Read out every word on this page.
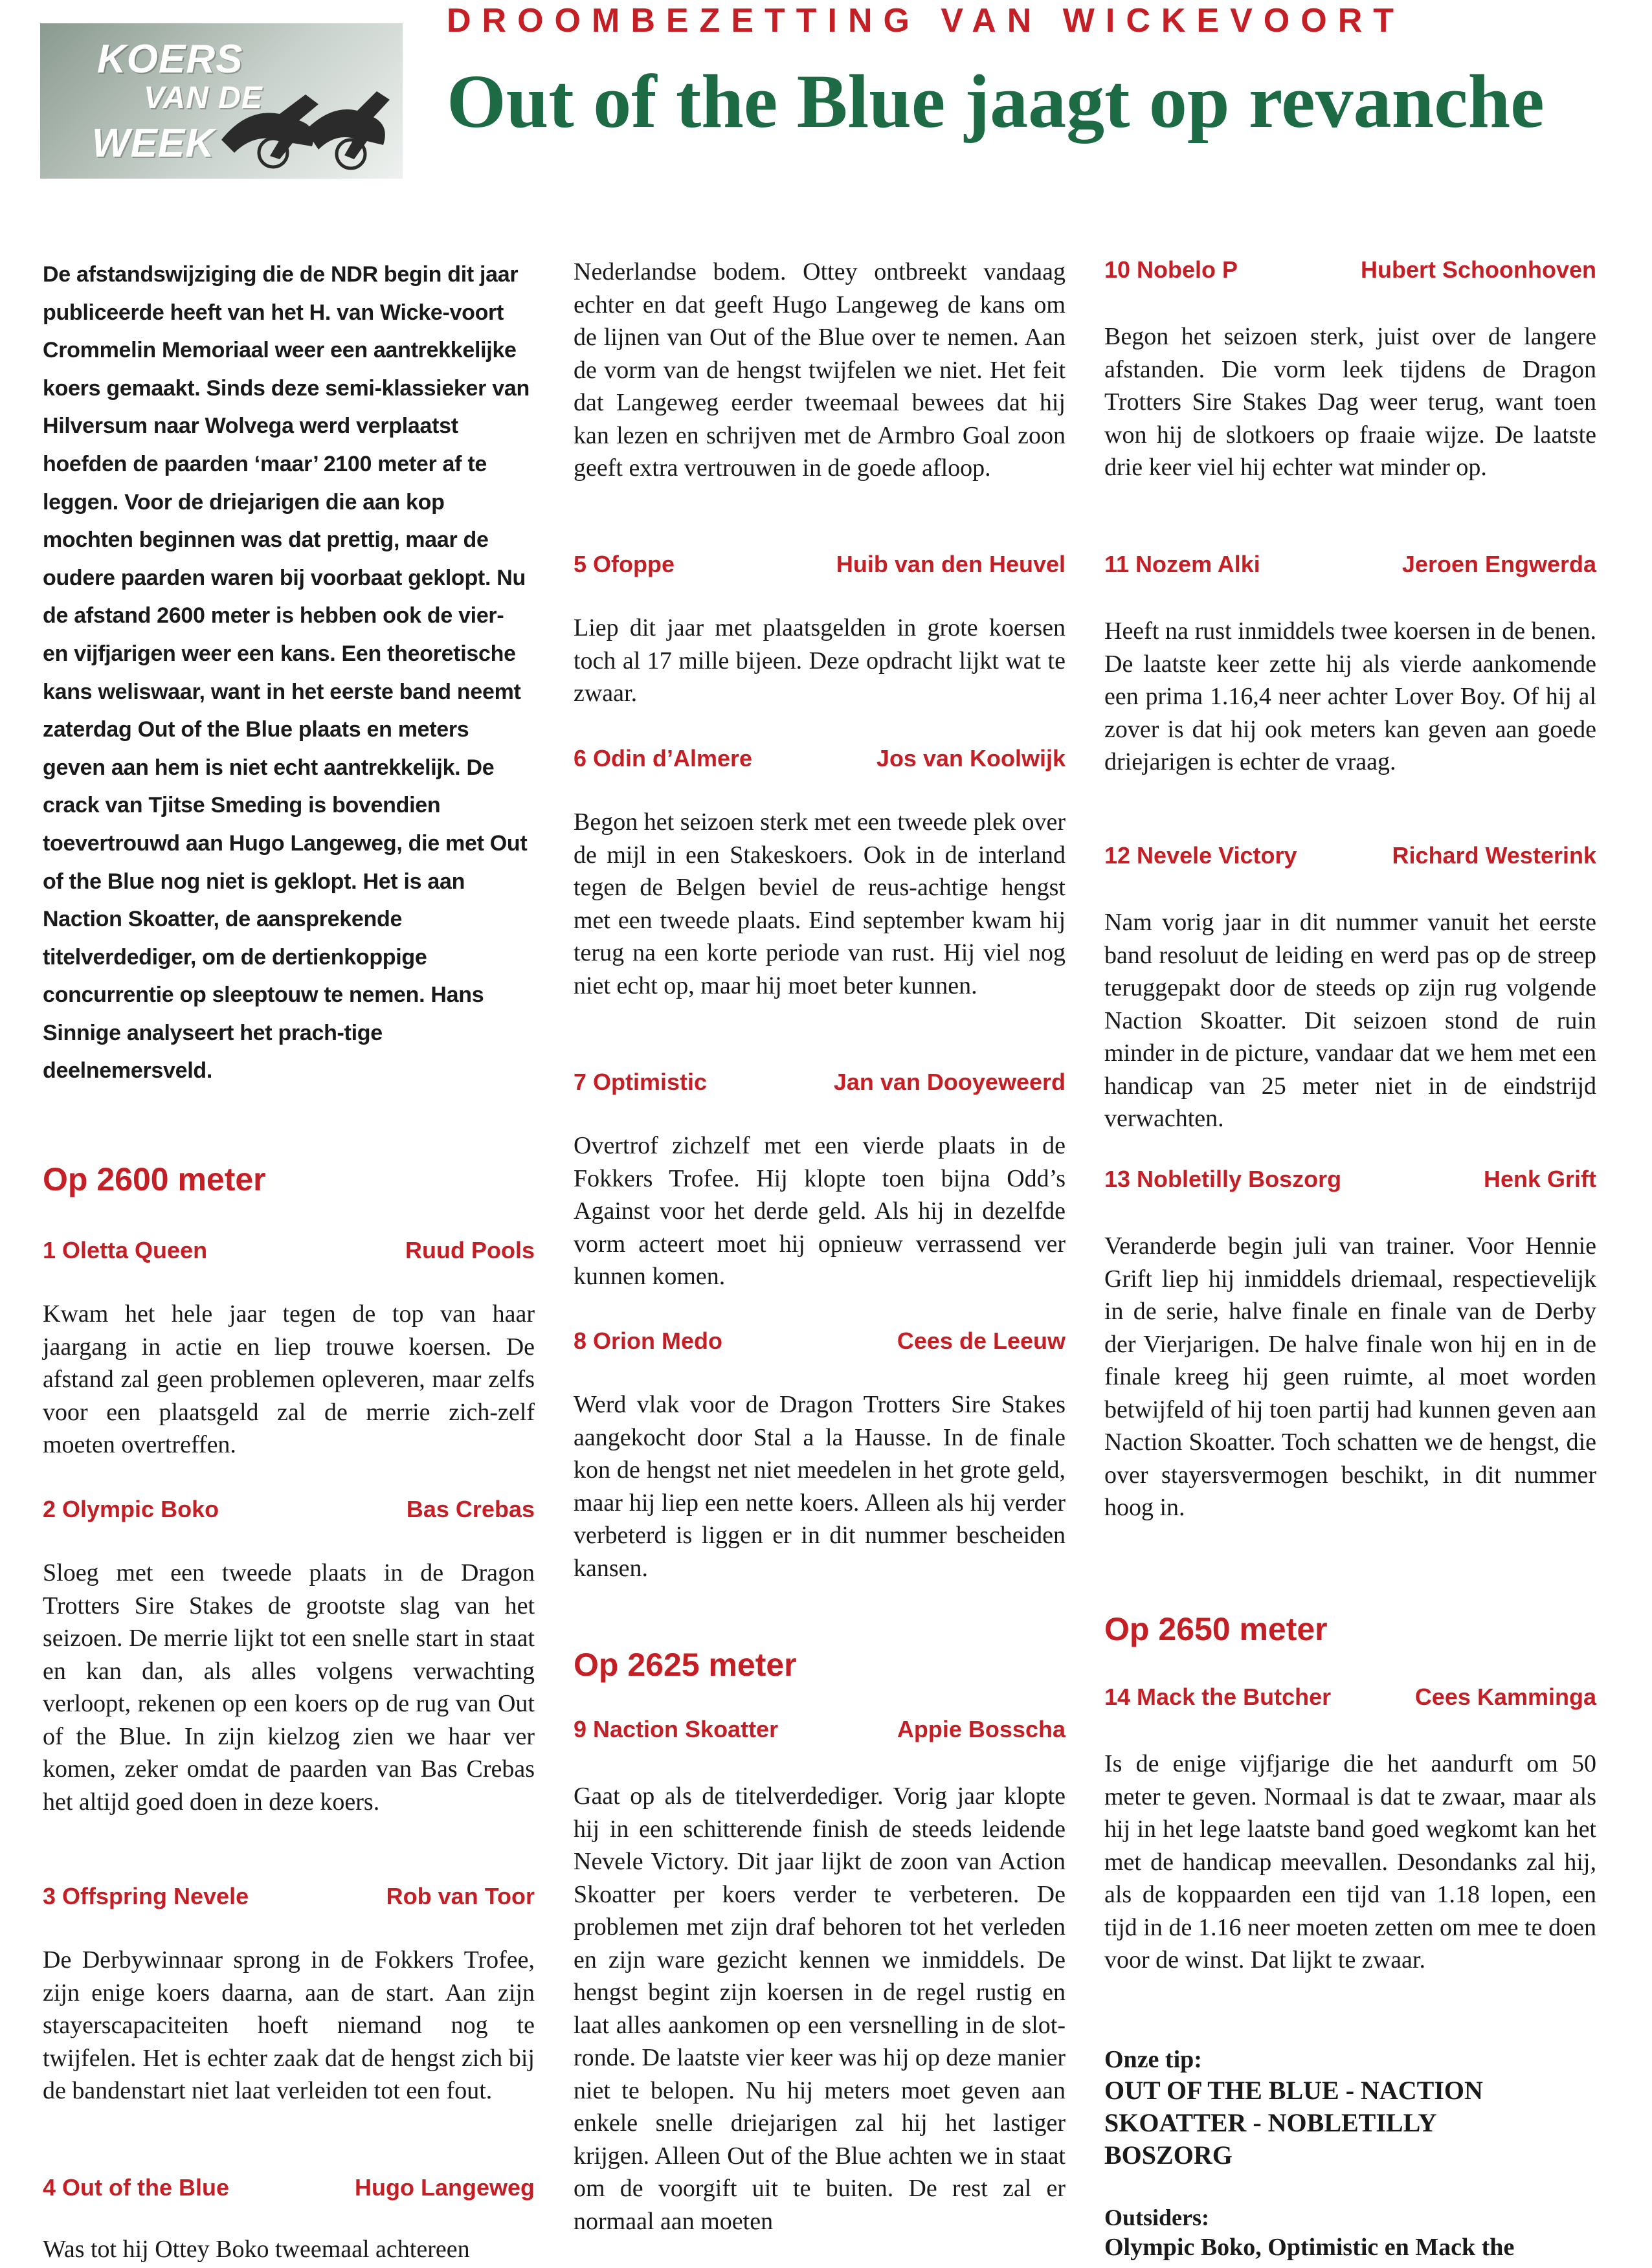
KOERS
VAN DE
WEEK
DROOMBEZETTING VAN WICKEVOORT
Out of the Blue jaagt op revanche
De afstandswijziging die de NDR begin dit jaar publiceerde heeft van het H. van Wicke-voort Crommelin Memoriaal weer een aantrekkelijke koers gemaakt. Sinds deze semi-klassieker van Hilversum naar Wolvega werd verplaatst hoefden de paarden ‘maar’ 2100 meter af te leggen. Voor de driejarigen die aan kop mochten beginnen was dat prettig, maar de oudere paarden waren bij voorbaat geklopt. Nu de afstand 2600 meter is hebben ook de vier- en vijfjarigen weer een kans. Een theoretische kans weliswaar, want in het eerste band neemt zaterdag Out of the Blue plaats en meters geven aan hem is niet echt aantrekkelijk. De crack van Tjitse Smeding is bovendien toevertrouwd aan Hugo Langeweg, die met Out of the Blue nog niet is geklopt. Het is aan Naction Skoatter, de aansprekende titelverdediger, om de dertienkoppige concurrentie op sleeptouw te nemen. Hans Sinnige analyseert het prach-tige deelnemersveld.
Op 2600 meter
1 Oletta Queen	Ruud Pools
Kwam het hele jaar tegen de top van haar jaargang in actie en liep trouwe koersen. De afstand zal geen problemen opleveren, maar zelfs voor een plaatsgeld zal de merrie zich-zelf moeten overtreffen.
2 Olympic Boko	Bas Crebas
Sloeg met een tweede plaats in de Dragon Trotters Sire Stakes de grootste slag van het seizoen. De merrie lijkt tot een snelle start in staat en kan dan, als alles volgens verwachting verloopt, rekenen op een koers op de rug van Out of the Blue. In zijn kielzog zien we haar ver komen, zeker omdat de paarden van Bas Crebas het altijd goed doen in deze koers.
3 Offspring Nevele	Rob van Toor
De Derbywinnaar sprong in de Fokkers Trofee, zijn enige koers daarna, aan de start. Aan zijn stayerscapaciteiten hoeft niemand nog te twijfelen. Het is echter zaak dat de hengst zich bij de bandenstart niet laat verleiden tot een fout.
4 Out of the Blue	Hugo Langeweg
Was tot hij Ottey Boko tweemaal achtereen
Nederlandse bodem. Ottey ontbreekt vandaag echter en dat geeft Hugo Langeweg de kans om de lijnen van Out of the Blue over te nemen. Aan de vorm van de hengst twijfelen we niet. Het feit dat Langeweg eerder tweemaal bewees dat hij kan lezen en schrijven met de Armbro Goal zoon geeft extra vertrouwen in de goede afloop.
5 Ofoppe	Huib van den Heuvel
Liep dit jaar met plaatsgelden in grote koersen toch al 17 mille bijeen. Deze opdracht lijkt wat te zwaar.
6 Odin d’Almere	Jos van Koolwijk
Begon het seizoen sterk met een tweede plek over de mijl in een Stakeskoers. Ook in de interland tegen de Belgen beviel de reus-achtige hengst met een tweede plaats. Eind september kwam hij terug na een korte periode van rust. Hij viel nog niet echt op, maar hij moet beter kunnen.
7 Optimistic	Jan van Dooyeweerd
Overtrof zichzelf met een vierde plaats in de Fokkers Trofee. Hij klopte toen bijna Odd’s Against voor het derde geld. Als hij in dezelfde vorm acteert moet hij opnieuw verrassend ver kunnen komen.
8 Orion Medo	Cees de Leeuw
Werd vlak voor de Dragon Trotters Sire Stakes aangekocht door Stal a la Hausse. In de finale kon de hengst net niet meedelen in het grote geld, maar hij liep een nette koers. Alleen als hij verder verbeterd is liggen er in dit nummer bescheiden kansen.
Op 2625 meter
9 Naction Skoatter	Appie Bosscha
Gaat op als de titelverdediger. Vorig jaar klopte hij in een schitterende finish de steeds leidende Nevele Victory. Dit jaar lijkt de zoon van Action Skoatter per koers verder te verbeteren. De problemen met zijn draf behoren tot het verleden en zijn ware gezicht kennen we inmiddels. De hengst begint zijn koersen in de regel rustig en laat alles aankomen op een versnelling in de slot-ronde. De laatste vier keer was hij op deze manier niet te belopen. Nu hij meters moet geven aan enkele snelle driejarigen zal hij het lastiger krijgen. Alleen Out of the Blue achten we in staat om de voorgift uit te buiten. De rest zal er normaal aan moeten
10 Nobelo P	Hubert Schoonhoven
Begon het seizoen sterk, juist over de langere afstanden. Die vorm leek tijdens de Dragon Trotters Sire Stakes Dag weer terug, want toen won hij de slotkoers op fraaie wijze. De laatste drie keer viel hij echter wat minder op.
11 Nozem Alki	Jeroen Engwerda
Heeft na rust inmiddels twee koersen in de benen. De laatste keer zette hij als vierde aankomende een prima 1.16,4 neer achter Lover Boy. Of hij al zover is dat hij ook meters kan geven aan goede driejarigen is echter de vraag.
12 Nevele Victory	Richard Westerink
Nam vorig jaar in dit nummer vanuit het eerste band resoluut de leiding en werd pas op de streep teruggepakt door de steeds op zijn rug volgende Naction Skoatter. Dit seizoen stond de ruin minder in de picture, vandaar dat we hem met een handicap van 25 meter niet in de eindstrijd verwachten.
13 Nobletilly Boszorg	Henk Grift
Veranderde begin juli van trainer. Voor Hennie Grift liep hij inmiddels driemaal, respectievelijk in de serie, halve finale en finale van de Derby der Vierjarigen. De halve finale won hij en in de finale kreeg hij geen ruimte, al moet worden betwijfeld of hij toen partij had kunnen geven aan Naction Skoatter. Toch schatten we de hengst, die over stayersvermogen beschikt, in dit nummer hoog in.
Op 2650 meter
14 Mack the Butcher	Cees Kamminga
Is de enige vijfjarige die het aandurft om 50 meter te geven. Normaal is dat te zwaar, maar als hij in het lege laatste band goed wegkomt kan het met de handicap meevallen. Desondanks zal hij, als de koppaarden een tijd van 1.18 lopen, een tijd in de 1.16 neer moeten zetten om mee te doen voor de winst. Dat lijkt te zwaar.
Onze tip:
OUT OF THE BLUE - NACTION
SKOATTER - NOBLETILLY
BOSZORG
Outsiders:
Olympic Boko, Optimistic en Mack the
